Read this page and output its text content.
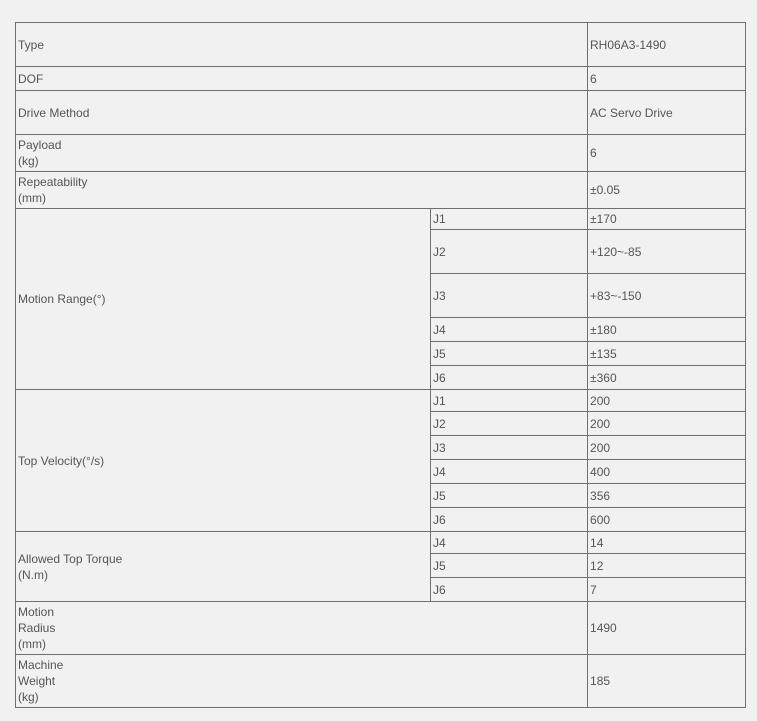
Type		RH06A3-1490
DOF		6
Drive Method		AC Servo Drive
Payload
(kg)		6
Repeatability
(mm)		±0.05
Motion Range(°)	J1	±170
	J2	+120~-85
	J3	+83~-150
	J4	±180
	J5	±135
	J6	±360
Top Velocity(°/s)	J1	200
	J2	200
	J3	200
	J4	400
	J5	356
	J6	600
Allowed Top Torque
(N.m)	J4	14
	J5	12
	J6	7
Motion
Radius
(mm)		1490
Machine
Weight
(kg)		185
